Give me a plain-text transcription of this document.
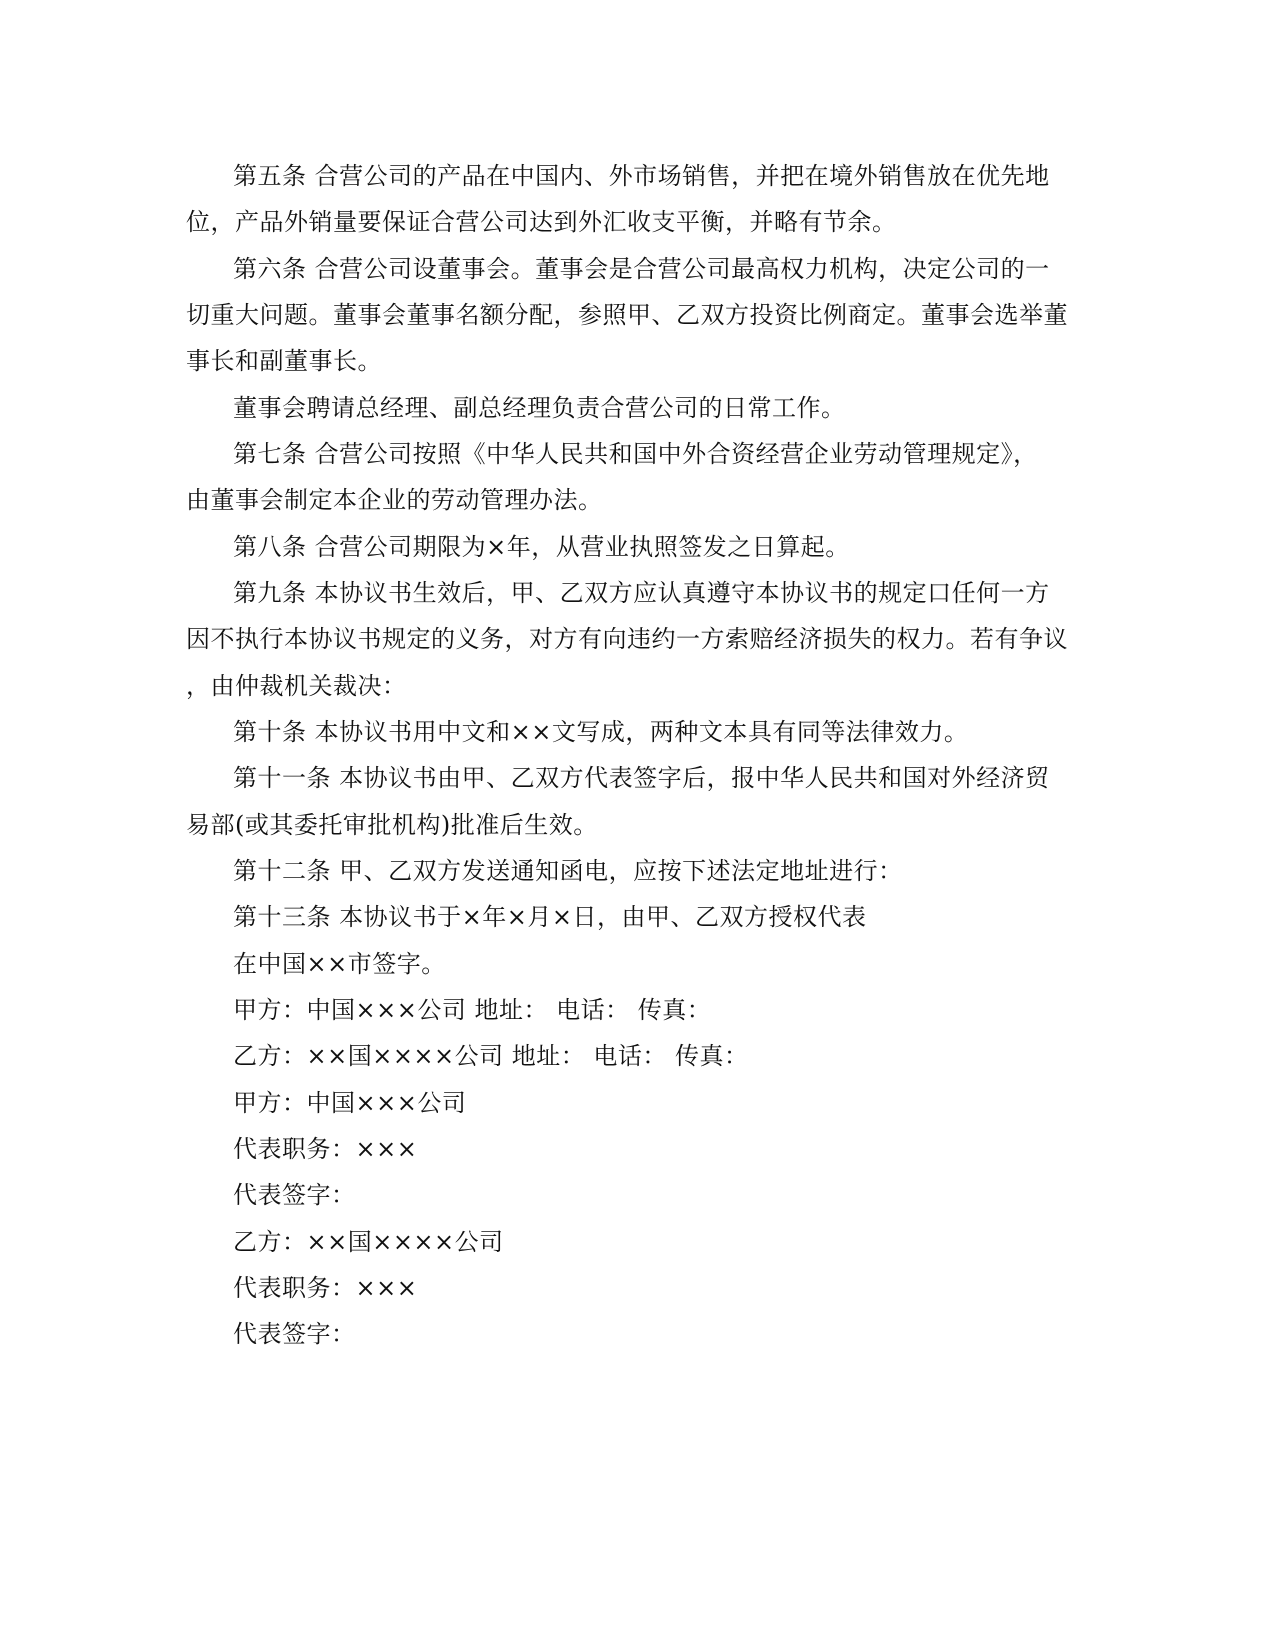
第五条 合营公司的产品在中国内、外市场销售，并把在境外销售放在优先地
位，产品外销量要保证合营公司达到外汇收支平衡，并略有节余。
第六条 合营公司设董事会。董事会是合营公司最高权力机构，决定公司的一
切重大问题。董事会董事名额分配，参照甲、乙双方投资比例商定。董事会选举董
事长和副董事长。
董事会聘请总经理、副总经理负责合营公司的日常工作。
第七条 合营公司按照《中华人民共和国中外合资经营企业劳动管理规定》，
由董事会制定本企业的劳动管理办法。
第八条 合营公司期限为×年，从营业执照签发之日算起。
第九条 本协议书生效后，甲、乙双方应认真遵守本协议书的规定口任何一方
因不执行本协议书规定的义务，对方有向违约一方索赔经济损失的权力。若有争议
，由仲裁机关裁决：
第十条 本协议书用中文和××文写成，两种文本具有同等法律效力。
第十一条 本协议书由甲、乙双方代表签字后，报中华人民共和国对外经济贸
易部(或其委托审批机构)批准后生效。
第十二条 甲、乙双方发送通知函电，应按下述法定地址进行：
第十三条 本协议书于×年×月×日，由甲、乙双方授权代表
在中国××市签字。
甲方：中国×××公司 地址： 电话： 传真：
乙方：××国××××公司 地址： 电话： 传真：
甲方：中国×××公司
代表职务：×××
代表签字：
乙方：××国××××公司
代表职务：×××
代表签字：
